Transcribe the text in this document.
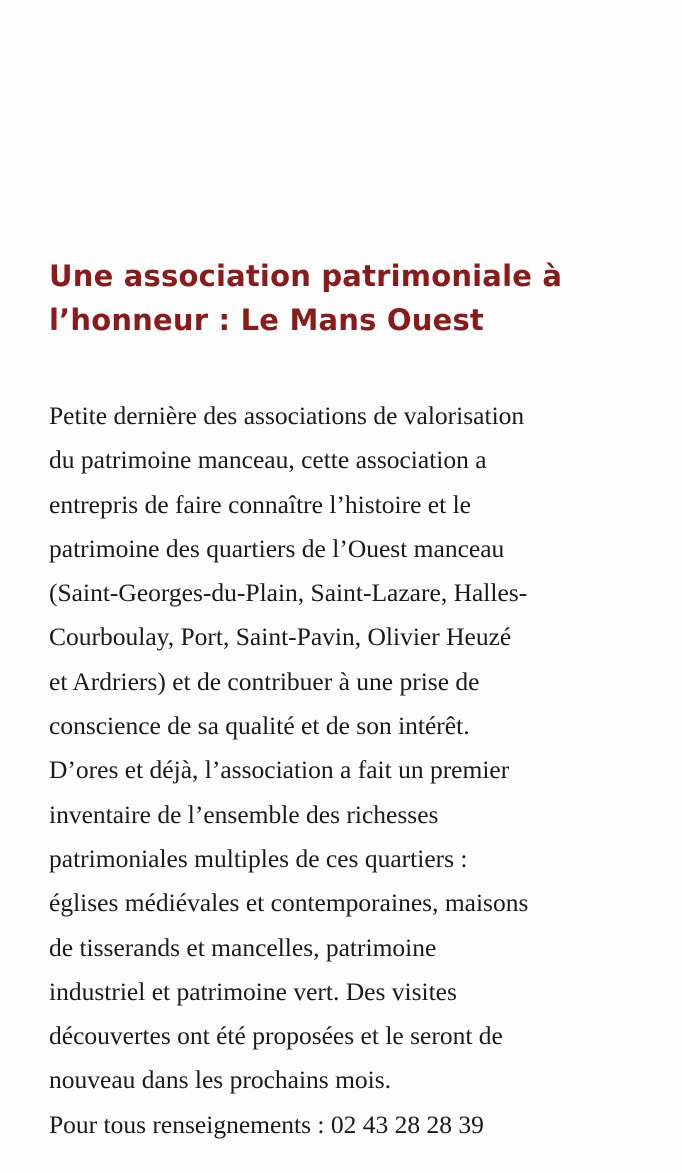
Une association patrimoniale à
l’honneur : Le Mans Ouest
Petite dernière des associations de valorisation
du patrimoine manceau, cette association a
entrepris de faire connaître l’histoire et le
patrimoine des quartiers de l’Ouest manceau
(Saint-Georges-du-Plain, Saint-Lazare, Halles-
Courboulay, Port, Saint-Pavin, Olivier Heuzé
et Ardriers) et de contribuer à une prise de
conscience de sa qualité et de son intérêt.
D’ores et déjà, l’association a fait un premier
inventaire de l’ensemble des richesses
patrimoniales multiples de ces quartiers :
églises médiévales et contemporaines, maisons
de tisserands et mancelles, patrimoine
industriel et patrimoine vert. Des visites
découvertes ont été proposées et le seront de
nouveau dans les prochains mois.
Pour tous renseignements : 02 43 28 28 39
